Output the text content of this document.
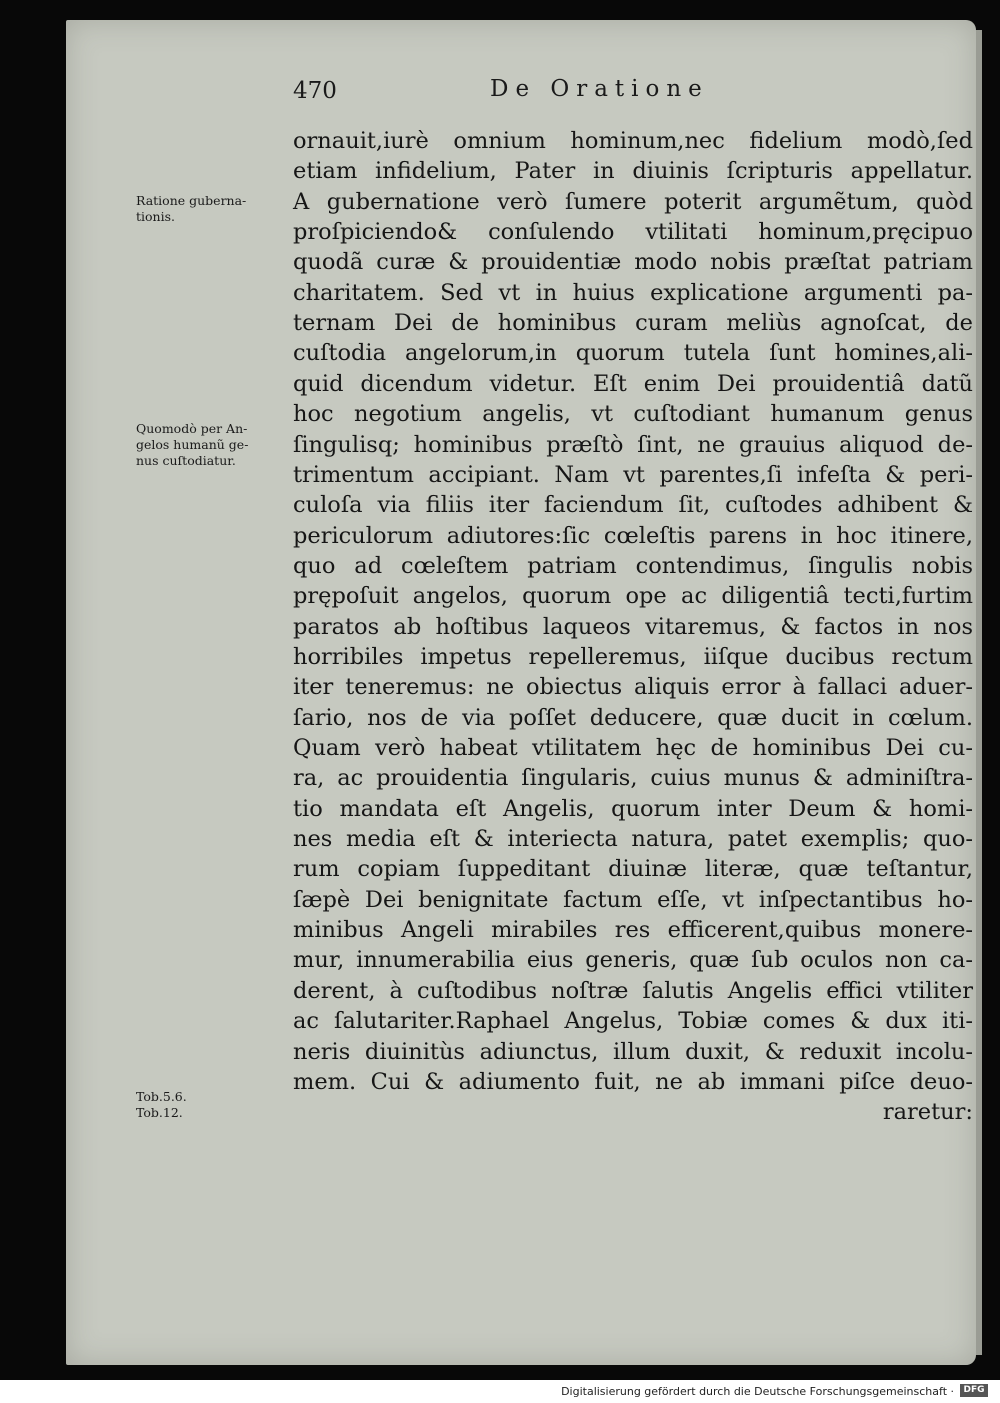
470	De Oratione
Ratione guberna-
tionis.
Quomodò per An-
gelos humanũ ge-
nus cuſtodiatur.
Tob.5.6.
Tob.12.
ornauit,iurè omnium hominum,nec fidelium modò,ſed
etiam infidelium, Pater in diuinis ſcripturis appellatur.
A gubernatione verò ſumere poterit argumẽtum, quòd
proſpiciendo& conſulendo vtilitati hominum,pręcipuo
quodã curæ & prouidentiæ modo nobis præſtat patriam
charitatem. Sed vt in huius explicatione argumenti pa-
ternam Dei de hominibus curam meliùs agnoſcat, de
cuſtodia angelorum,in quorum tutela ſunt homines,ali-
quid dicendum videtur. Eſt enim Dei prouidentiâ datũ
hoc negotium angelis, vt cuſtodiant humanum genus
ſingulisq; hominibus præſtò ſint, ne grauius aliquod de-
trimentum accipiant. Nam vt parentes,ſi infeſta & peri-
culoſa via filiis iter faciendum ſit, cuſtodes adhibent &
periculorum adiutores:ſic cœleſtis parens in hoc itinere,
quo ad cœleſtem patriam contendimus, ſingulis nobis
prępoſuit angelos, quorum ope ac diligentiâ tecti,furtim
paratos ab hoſtibus laqueos vitaremus, & factos in nos
horribiles impetus repelleremus, iiſque ducibus rectum
iter teneremus: ne obiectus aliquis error à fallaci aduer-
ſario, nos de via poſſet deducere, quæ ducit in cœlum.
Quam verò habeat vtilitatem hęc de hominibus Dei cu-
ra, ac prouidentia ſingularis, cuius munus & adminiſtra-
tio mandata eſt Angelis, quorum inter Deum & homi-
nes media eſt & interiecta natura, patet exemplis; quo-
rum copiam ſuppeditant diuinæ literæ, quæ teſtantur,
ſæpè Dei benignitate factum eſſe, vt inſpectantibus ho-
minibus Angeli mirabiles res efficerent,quibus monere-
mur, innumerabilia eius generis, quæ ſub oculos non ca-
derent, à cuſtodibus noſtræ ſalutis Angelis effici vtiliter
ac ſalutariter.Raphael Angelus, Tobiæ comes & dux iti-
neris diuinitùs adiunctus, illum duxit, & reduxit incolu-
mem. Cui & adiumento fuit, ne ab immani piſce deuo-
raretur:
Digitalisierung gefördert durch die Deutsche Forschungsgemeinschaft ·	DFG
